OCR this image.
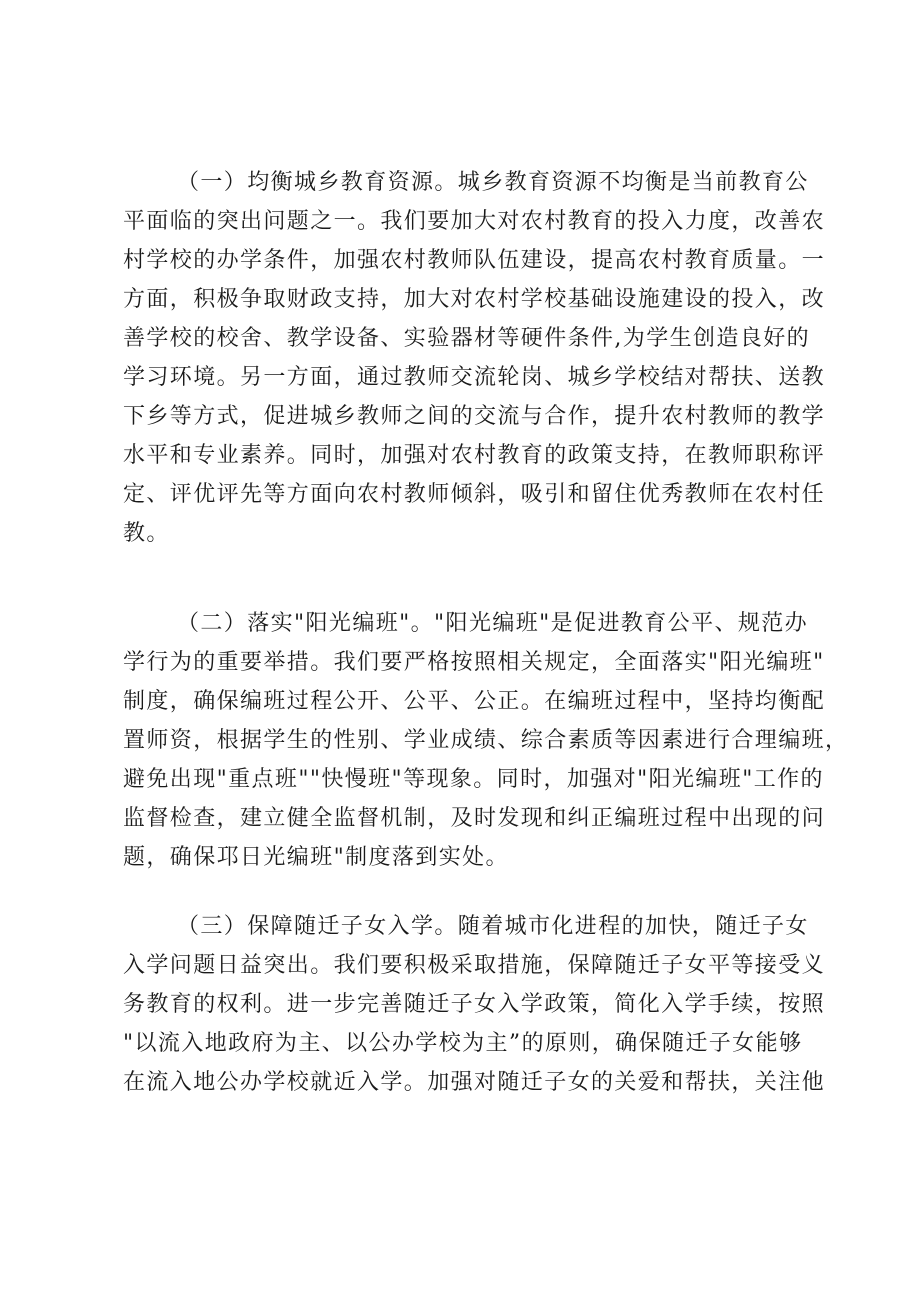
（一）均衡城乡教育资源。城乡教育资源不均衡是当前教育公
平面临的突出问题之一。我们要加大对农村教育的投入力度，改善农
村学校的办学条件，加强农村教师队伍建设，提高农村教育质量。一
方面，积极争取财政支持，加大对农村学校基础设施建设的投入，改
善学校的校舍、教学设备、实验器材等硬件条件,为学生创造良好的
学习环境。另一方面，通过教师交流轮岗、城乡学校结对帮扶、送教
下乡等方式，促进城乡教师之间的交流与合作，提升农村教师的教学
水平和专业素养。同时，加强对农村教育的政策支持，在教师职称评
定、评优评先等方面向农村教师倾斜，吸引和留住优秀教师在农村任
教。
（二）落实"阳光编班"。"阳光编班"是促进教育公平、规范办
学行为的重要举措。我们要严格按照相关规定，全面落实"阳光编班"
制度，确保编班过程公开、公平、公正。在编班过程中，坚持均衡配
置师资，根据学生的性别、学业成绩、综合素质等因素进行合理编班，
避免出现"重点班""快慢班"等现象。同时，加强对"阳光编班"工作的
监督检查，建立健全监督机制，及时发现和纠正编班过程中出现的问
题，确保邛日光编班"制度落到实处。
（三）保障随迁子女入学。随着城市化进程的加快，随迁子女
入学问题日益突出。我们要积极采取措施，保障随迁子女平等接受义
务教育的权利。进一步完善随迁子女入学政策，简化入学手续，按照
"以流入地政府为主、以公办学校为主”的原则，确保随迁子女能够
在流入地公办学校就近入学。加强对随迁子女的关爱和帮扶，关注他
